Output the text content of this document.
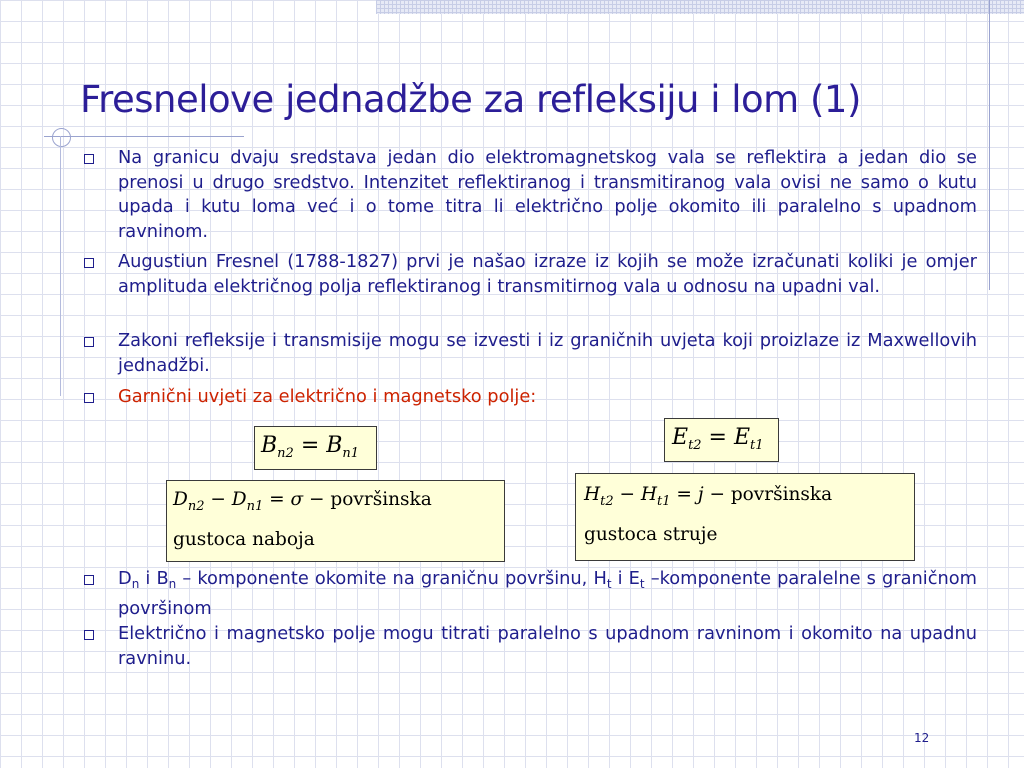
Fresnelove jednadžbe za refleksiju i lom (1)
Na granicu dvaju sredstava jedan dio elektromagnetskog vala se reflektira a jedan dio se prenosi u drugo sredstvo. Intenzitet reflektiranog i transmitiranog vala ovisi ne samo o kutu upada i kutu loma već i o tome titra li električno polje okomito ili paralelno s upadnom ravninom.
Augustiun Fresnel (1788-1827) prvi je našao izraze iz kojih se može izračunati koliki je omjer amplituda električnog polja reflektiranog i transmitirnog vala u odnosu na upadni val.
Zakoni refleksije i transmisije mogu se izvesti i iz graničnih uvjeta koji proizlaze iz Maxwellovih jednadžbi.
Garnični uvjeti za električno i magnetsko polje:
$B_{n2} = B_{n1}$
$E_{t2} = E_{t1}$
$D_{n2} - D_{n1} = \sigma$ − površinska
gustoca naboja
$H_{t2} - H_{t1} = j$ − površinska
gustoca struje
$D_n$ i $B_n$ – komponente okomite na graničnu površinu, $H_t$ i $E_t$ –komponente paralelne s graničnom površinom
Električno i magnetsko polje mogu titrati paralelno s upadnom ravninom i okomito na upadnu ravninu.
12
